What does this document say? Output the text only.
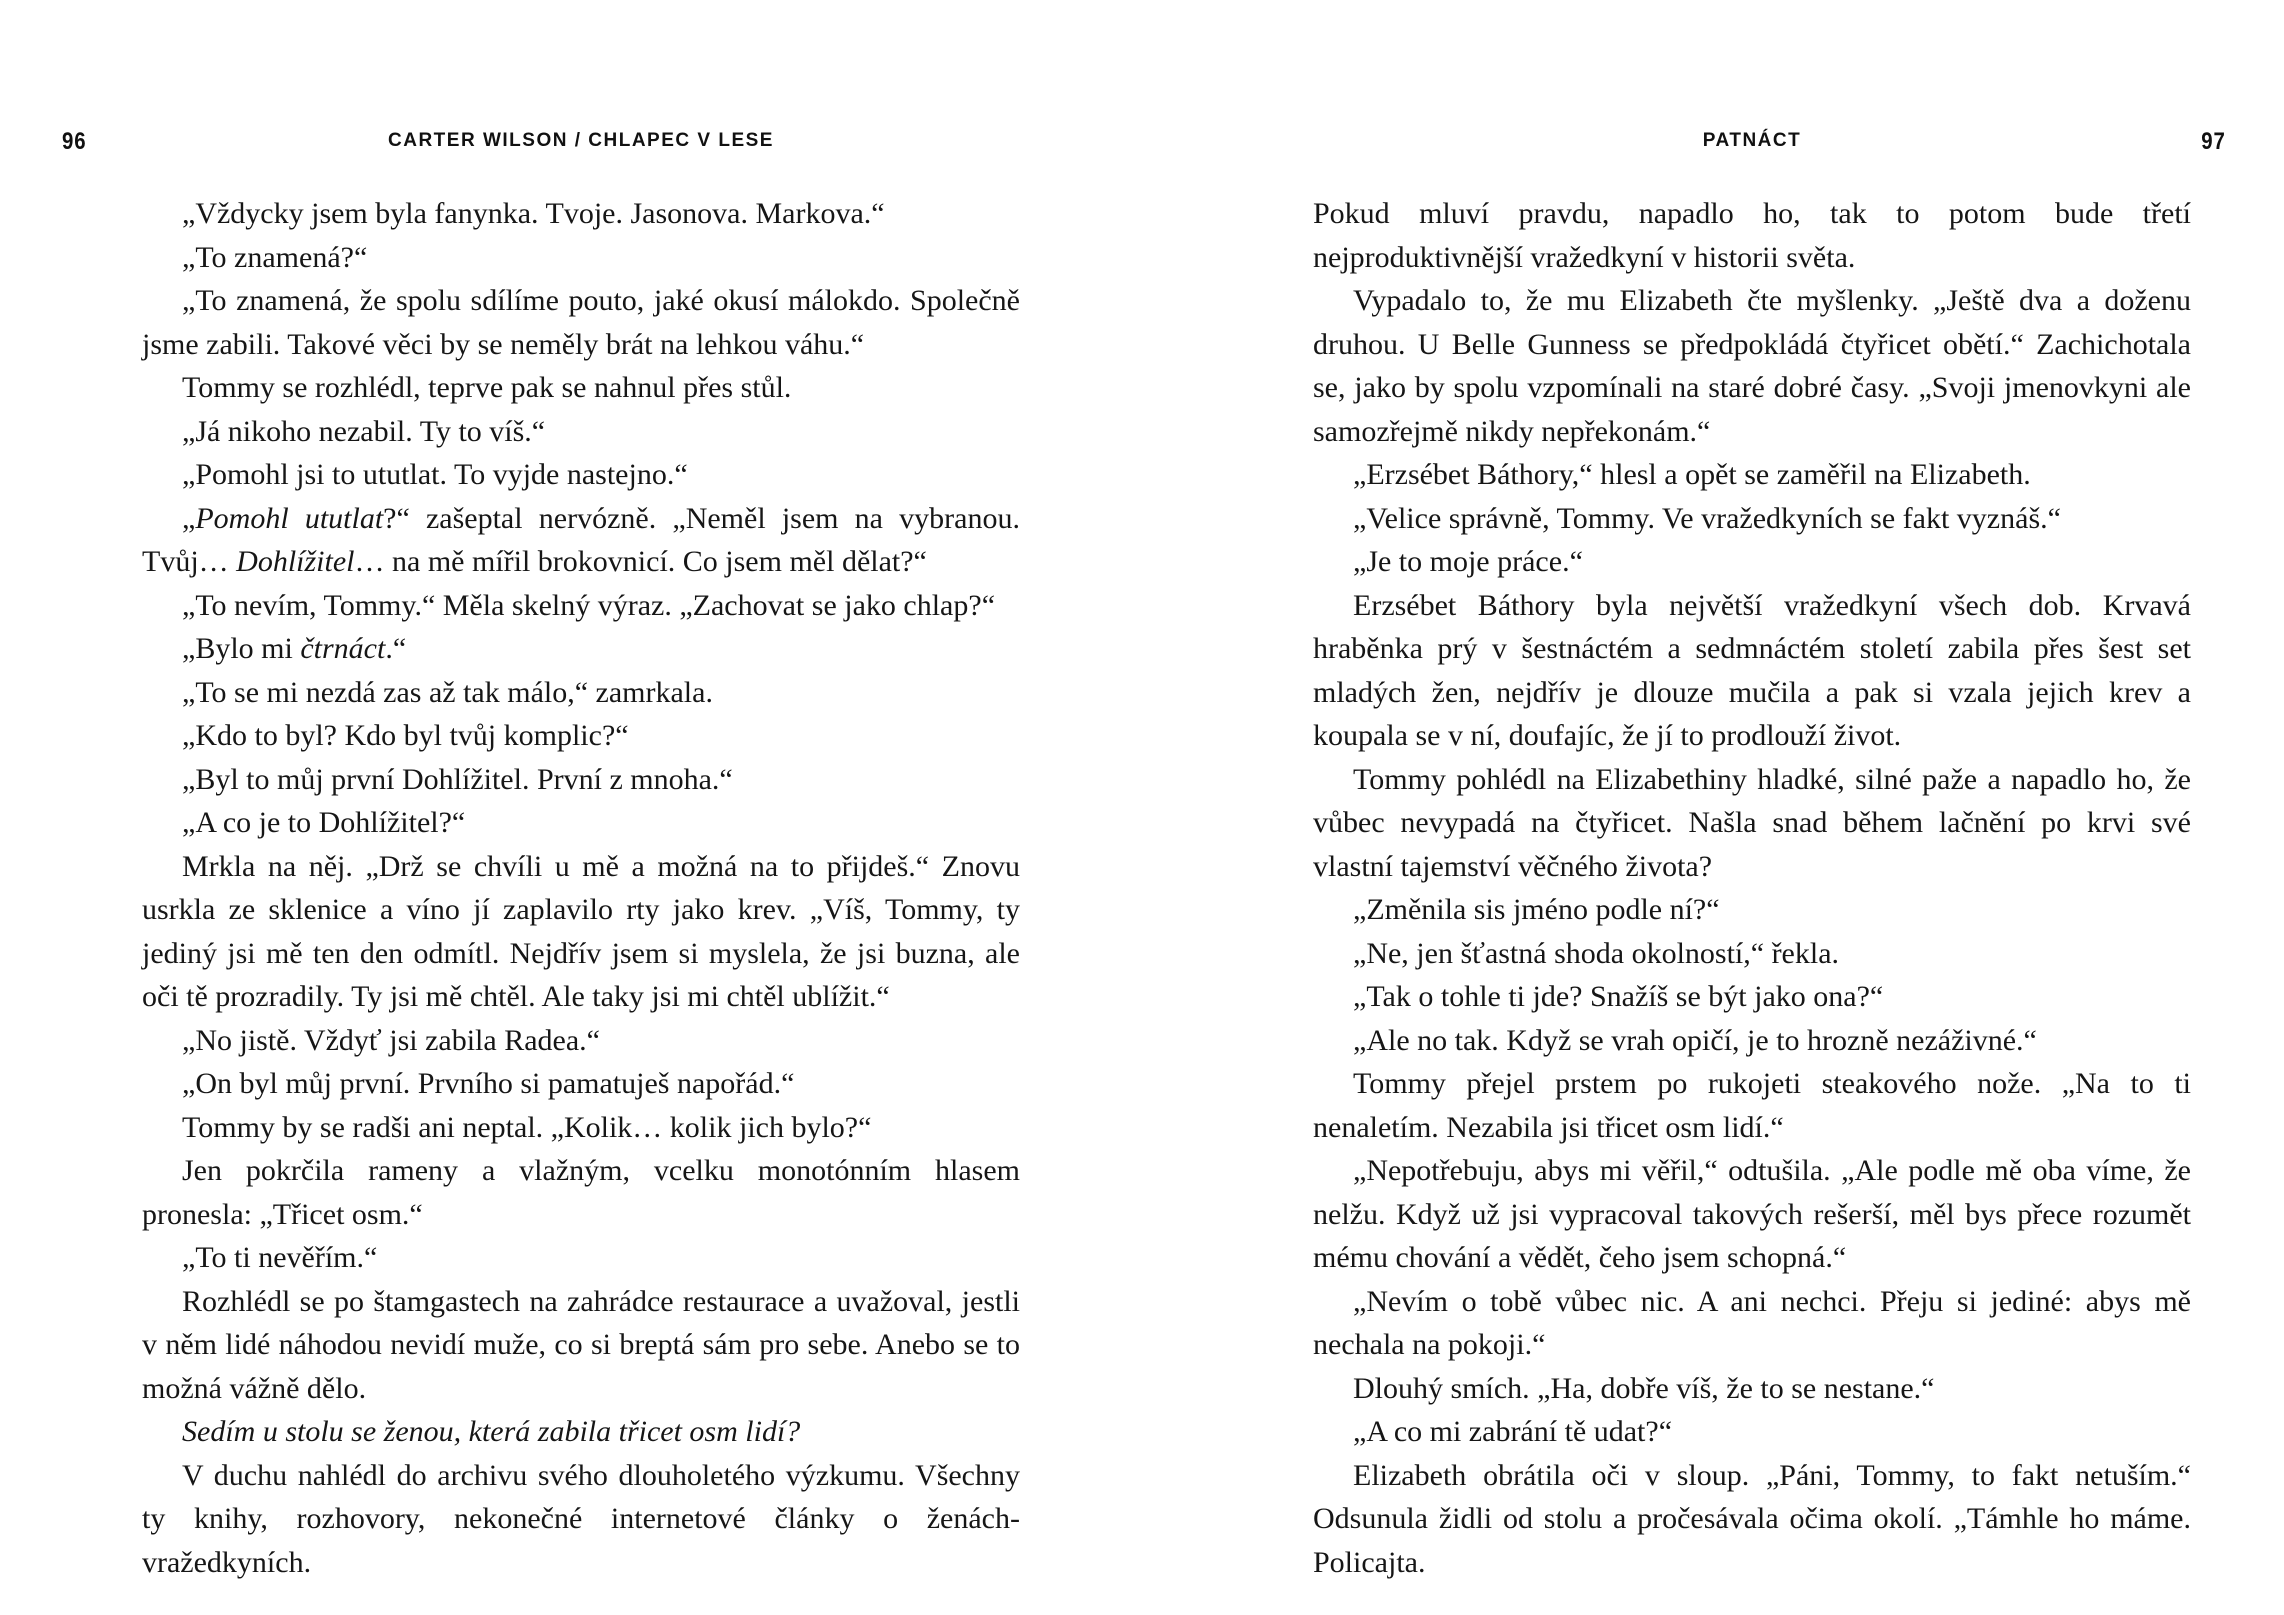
96	CARTER WILSON / CHLAPEC V LESE

„Vždycky jsem byla fanynka. Tvoje. Jasonova. Markova.“

„To znamená?“

„To znamená, že spolu sdílíme pouto, jaké okusí málokdo. Společně jsme zabili. Takové věci by se neměly brát na lehkou váhu.“

Tommy se rozhlédl, teprve pak se nahnul přes stůl.

„Já nikoho nezabil. Ty to víš.“

„Pomohl jsi to ututlat. To vyjde nastejno.“

„Pomohl ututlat?“ zašeptal nervózně. „Neměl jsem na vybranou. Tvůj… Dohlížitel… na mě mířil brokovnicí. Co jsem měl dělat?“

„To nevím, Tommy.“ Měla skelný výraz. „Zachovat se jako chlap?“

„Bylo mi čtrnáct.“

„To se mi nezdá zas až tak málo,“ zamrkala.

„Kdo to byl? Kdo byl tvůj komplic?“

„Byl to můj první Dohlížitel. První z mnoha.“

„A co je to Dohlížitel?“

Mrkla na něj. „Drž se chvíli u mě a možná na to přijdeš.“ Znovu usrkla ze sklenice a víno jí zaplavilo rty jako krev. „Víš, Tommy, ty jediný jsi mě ten den odmítl. Nejdřív jsem si myslela, že jsi buzna, ale oči tě prozradily. Ty jsi mě chtěl. Ale taky jsi mi chtěl ublížit.“

„No jistě. Vždyť jsi zabila Radea.“

„On byl můj první. Prvního si pamatuješ napořád.“

Tommy by se radši ani neptal. „Kolik… kolik jich bylo?“

Jen pokrčila rameny a vlažným, vcelku monotónním hlasem pronesla: „Třicet osm.“

„To ti nevěřím.“

Rozhlédl se po štamgastech na zahrádce restaurace a uvažoval, jestli v něm lidé náhodou nevidí muže, co si breptá sám pro sebe. Anebo se to možná vážně dělo.

Sedím u stolu se ženou, která zabila třicet osm lidí?

V duchu nahlédl do archivu svého dlouholetého výzkumu. Všechny ty knihy, rozhovory, nekonečné internetové články o ženách-vražedkyních.

PATNÁCT	97

Pokud mluví pravdu, napadlo ho, tak to potom bude třetí nejproduktivnější vražedkyní v historii světa.

Vypadalo to, že mu Elizabeth čte myšlenky. „Ještě dva a doženu druhou. U Belle Gunness se předpokládá čtyřicet obětí.“ Zachichotala se, jako by spolu vzpomínali na staré dobré časy. „Svoji jmenovkyni ale samozřejmě nikdy nepřekonám.“

„Erzsébet Báthory,“ hlesl a opět se zaměřil na Elizabeth.

„Velice správně, Tommy. Ve vražedkyních se fakt vyznáš.“

„Je to moje práce.“

Erzsébet Báthory byla největší vražedkyní všech dob. Krvavá hraběnka prý v šestnáctém a sedmnáctém století zabila přes šest set mladých žen, nejdřív je dlouze mučila a pak si vzala jejich krev a koupala se v ní, doufajíc, že jí to prodlouží život.

Tommy pohlédl na Elizabethiny hladké, silné paže a napadlo ho, že vůbec nevypadá na čtyřicet. Našla snad během lačnění po krvi své vlastní tajemství věčného života?

„Změnila sis jméno podle ní?“

„Ne, jen šťastná shoda okolností,“ řekla.

„Tak o tohle ti jde? Snažíš se být jako ona?“

„Ale no tak. Když se vrah opičí, je to hrozně nezáživné.“

Tommy přejel prstem po rukojeti steakového nože. „Na to ti nenaletím. Nezabila jsi třicet osm lidí.“

„Nepotřebuju, abys mi věřil,“ odtušila. „Ale podle mě oba víme, že nelžu. Když už jsi vypracoval takových rešerší, měl bys přece rozumět mému chování a vědět, čeho jsem schopná.“

„Nevím o tobě vůbec nic. A ani nechci. Přeju si jediné: abys mě nechala na pokoji.“

Dlouhý smích. „Ha, dobře víš, že to se nestane.“

„A co mi zabrání tě udat?“

Elizabeth obrátila oči v sloup. „Páni, Tommy, to fakt netuším.“ Odsunula židli od stolu a pročesávala očima okolí. „Támhle ho máme. Policajta.
